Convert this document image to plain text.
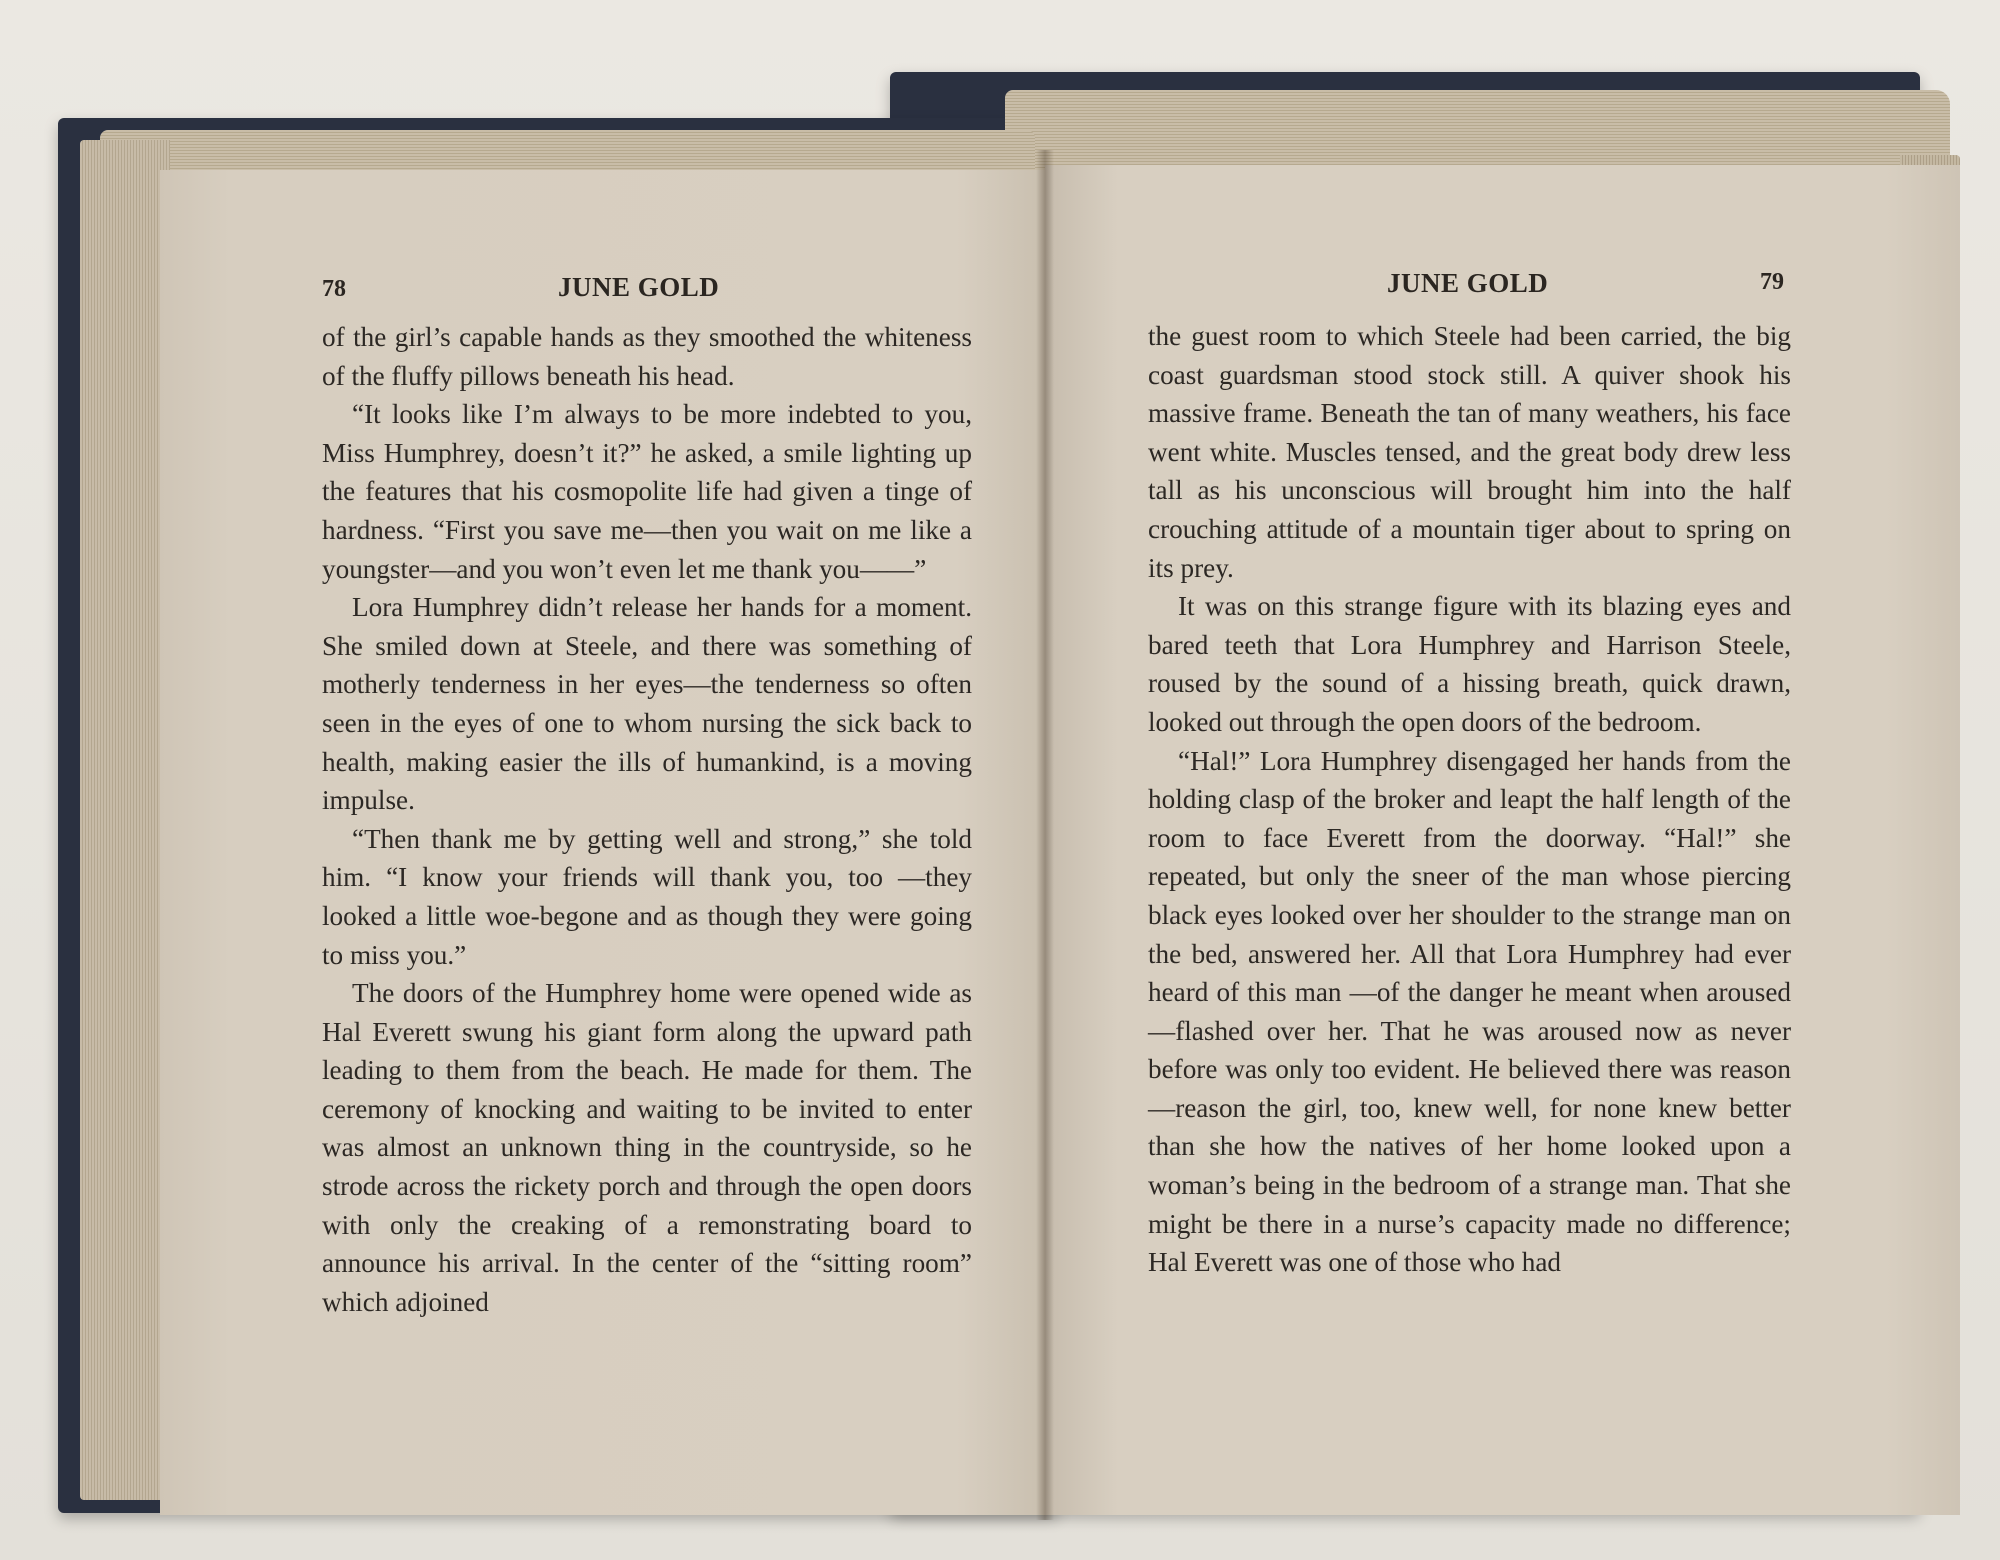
78	JUNE GOLD

of the girl’s capable hands as they smoothed the whiteness of the fluffy pillows beneath his head.

“It looks like I’m always to be more indebted to you, Miss Humphrey, doesn’t it?” he asked, a smile lighting up the features that his cosmopolite life had given a tinge of hardness. “First you save me—then you wait on me like a youngster—and you won’t even let me thank you——”

Lora Humphrey didn’t release her hands for a moment. She smiled down at Steele, and there was something of motherly tenderness in her eyes—the tenderness so often seen in the eyes of one to whom nursing the sick back to health, making easier the ills of humankind, is a moving impulse.

“Then thank me by getting well and strong,” she told him. “I know your friends will thank you, too —they looked a little woe-begone and as though they were going to miss you.”

The doors of the Humphrey home were opened wide as Hal Everett swung his giant form along the upward path leading to them from the beach. He made for them. The ceremony of knocking and waiting to be invited to enter was almost an unknown thing in the countryside, so he strode across the rickety porch and through the open doors with only the creaking of a remonstrating board to announce his arrival. In the center of the “sitting room” which adjoined

JUNE GOLD	79

the guest room to which Steele had been carried, the big coast guardsman stood stock still. A quiver shook his massive frame. Beneath the tan of many weathers, his face went white. Muscles tensed, and the great body drew less tall as his unconscious will brought him into the half crouching attitude of a mountain tiger about to spring on its prey.

It was on this strange figure with its blazing eyes and bared teeth that Lora Humphrey and Harrison Steele, roused by the sound of a hissing breath, quick drawn, looked out through the open doors of the bedroom.

“Hal!” Lora Humphrey disengaged her hands from the holding clasp of the broker and leapt the half length of the room to face Everett from the doorway. “Hal!” she repeated, but only the sneer of the man whose piercing black eyes looked over her shoulder to the strange man on the bed, answered her. All that Lora Humphrey had ever heard of this man —of the danger he meant when aroused—flashed over her. That he was aroused now as never before was only too evident. He believed there was reason—reason the girl, too, knew well, for none knew better than she how the natives of her home looked upon a woman’s being in the bedroom of a strange man. That she might be there in a nurse’s capacity made no difference; Hal Everett was one of those who had
